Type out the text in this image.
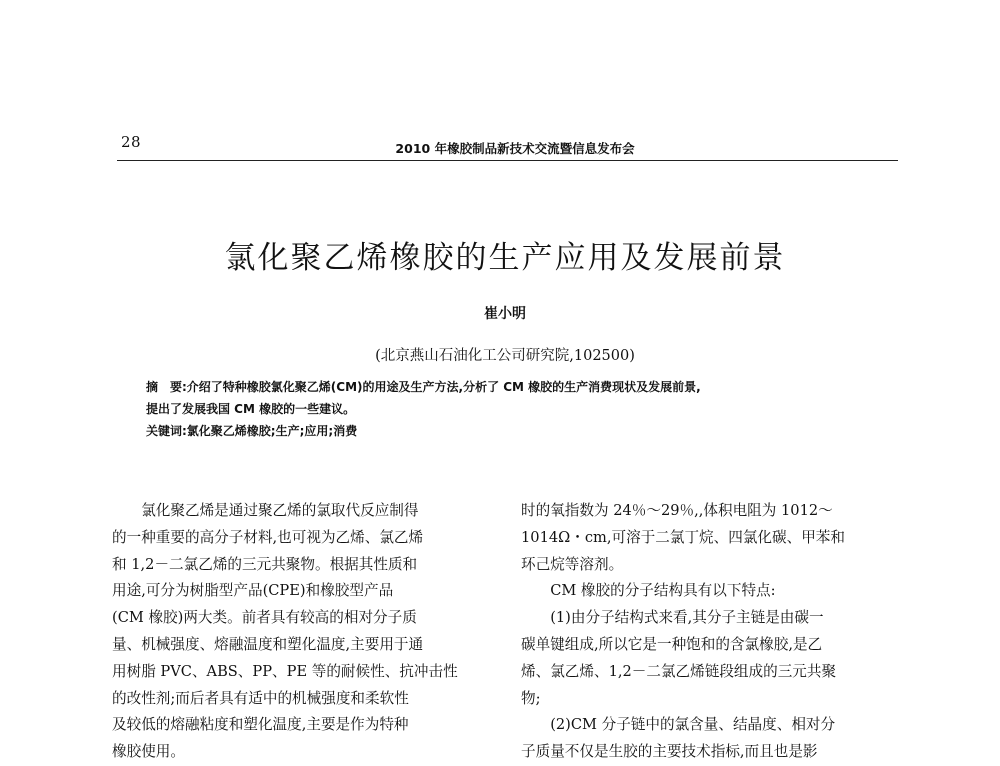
28	2010 年橡胶制品新技术交流暨信息发布会
氯化聚乙烯橡胶的生产应用及发展前景
崔小明
(北京燕山石油化工公司研究院,102500)

摘　要:介绍了特种橡胶氯化聚乙烯(CM)的用途及生产方法,分析了 CM 橡胶的生产消费现状及发展前景,

提出了发展我国 CM 橡胶的一些建议。

关键词:氯化聚乙烯橡胶;生产;应用;消费

氯化聚乙烯是通过聚乙烯的氯取代反应制得

的一种重要的高分子材料,也可视为乙烯、氯乙烯

和 1,2－二氯乙烯的三元共聚物。根据其性质和

用途,可分为树脂型产品(CPE)和橡胶型产品

(CM 橡胶)两大类。前者具有较高的相对分子质

量、机械强度、熔融温度和塑化温度,主要用于通

用树脂 PVC、ABS、PP、PE 等的耐候性、抗冲击性

的改性剂;而后者具有适中的机械强度和柔软性

及较低的熔融粘度和塑化温度,主要是作为特种

橡胶使用。

时的氧指数为 24％～29％,,体积电阻为 1012～

1014Ω・cm,可溶于二氯丁烷、四氯化碳、甲苯和

环己烷等溶剂。

CM 橡胶的分子结构具有以下特点:

(1)由分子结构式来看,其分子主链是由碳一

碳单键组成,所以它是一种饱和的含氯橡胶,是乙

烯、氯乙烯、1,2－二氯乙烯链段组成的三元共聚

物;

(2)CM 分子链中的氯含量、结晶度、相对分

子质量不仅是生胶的主要技术指标,而且也是影
